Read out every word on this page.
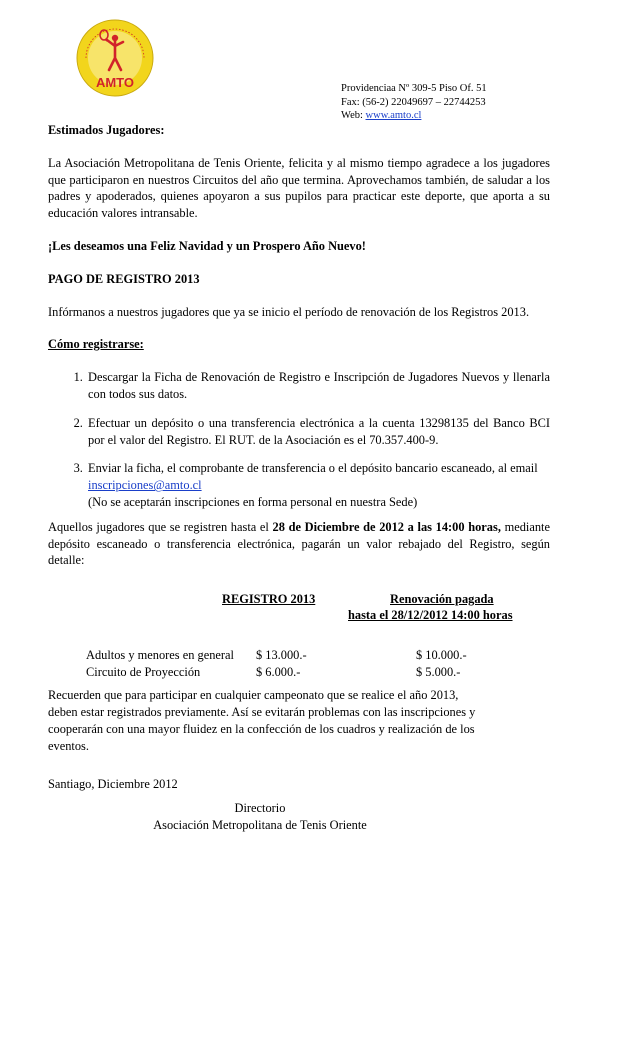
AMTO	Providenciaa Nº 309-5 Piso Of. 51
Fax: (56-2) 22049697 – 22744253
Web: www.amto.cl

Estimados Jugadores:

La Asociación Metropolitana de Tenis Oriente, felicita y al mismo tiempo agradece a los jugadores que participaron en nuestros Circuitos del año que termina. Aprovechamos también, de saludar a los padres y apoderados, quienes apoyaron a sus pupilos para practicar este deporte, que aporta a su educación valores intransable.

¡Les deseamos una Feliz Navidad y un Prospero Año Nuevo!

PAGO DE REGISTRO 2013

Infórmanos a nuestros jugadores que ya se inicio el período de renovación de los Registros 2013.

Cómo registrarse:

1. Descargar la Ficha de Renovación de Registro e Inscripción de Jugadores Nuevos y llenarla con todos sus datos.
2. Efectuar un depósito o una transferencia electrónica a la cuenta 13298135 del Banco BCI por el valor del Registro. El RUT. de la Asociación es el 70.357.400-9.
3. Enviar la ficha, el comprobante de transferencia o el depósito bancario escaneado, al email
inscripciones@amto.cl
(No se aceptarán inscripciones en forma personal en nuestra Sede)

Aquellos jugadores que se registren hasta el 28 de Diciembre de 2012 a las 14:00 horas, mediante depósito escaneado o transferencia electrónica, pagarán un valor rebajado del Registro, según detalle:

REGISTRO 2013	Renovación pagada
hasta el 28/12/2012 14:00 horas
Adultos y menores en general $ 13.000.-	$ 10.000.-
Circuito de Proyección	$ 6.000.-	$ 5.000.-

Recuerden que para participar en cualquier campeonato que se realice el año 2013, deben estar registrados previamente. Así se evitarán problemas con las inscripciones y cooperarán con una mayor fluidez en la confección de los cuadros y realización de los eventos.

Santiago, Diciembre 2012

Directorio
Asociación Metropolitana de Tenis Oriente
